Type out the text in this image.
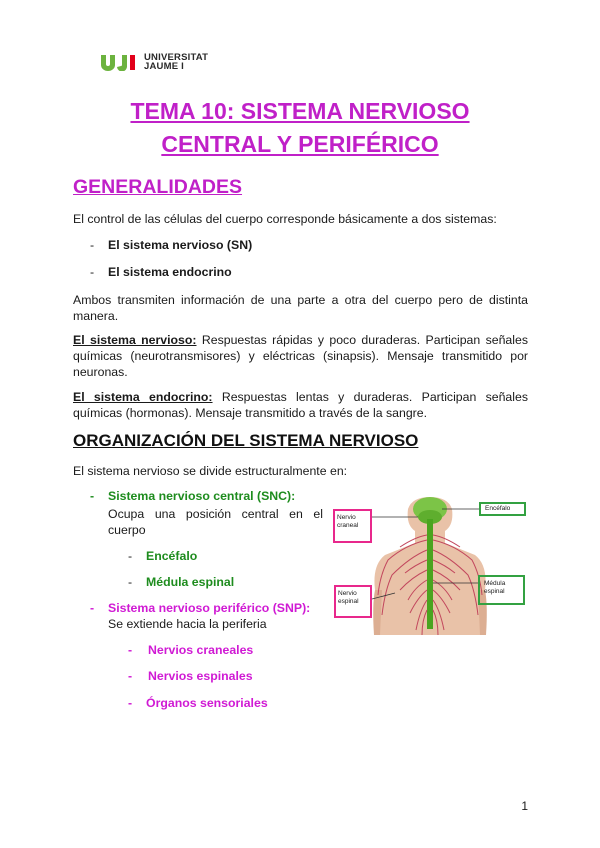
UNIVERSITAT
JAUME I
TEMA 10: SISTEMA NERVIOSO
CENTRAL Y PERIFÉRICO
GENERALIDADES
El control de las células del cuerpo corresponde básicamente a dos sistemas:
- El sistema nervioso (SN)
- El sistema endocrino
Ambos transmiten información de una parte a otra del cuerpo pero de distinta manera.
El sistema nervioso: Respuestas rápidas y poco duraderas. Participan señales químicas (neurotransmisores) y eléctricas (sinapsis). Mensaje transmitido por neuronas.
El sistema endocrino: Respuestas lentas y duraderas. Participan señales químicas (hormonas). Mensaje transmitido a través de la sangre.
ORGANIZACIÓN DEL SISTEMA NERVIOSO
El sistema nervioso se divide estructuralmente en:
- Sistema nervioso central (SNC):
Ocupa una posición central en el cuerpo
- Encéfalo
- Médula espinal
- Sistema nervioso periférico (SNP):
Se extiende hacia la periferia
- Nervios craneales
- Nervios espinales
- Órganos sensoriales
Nervio craneal
Encéfalo
Médula espinal
Nervio espinal
1
